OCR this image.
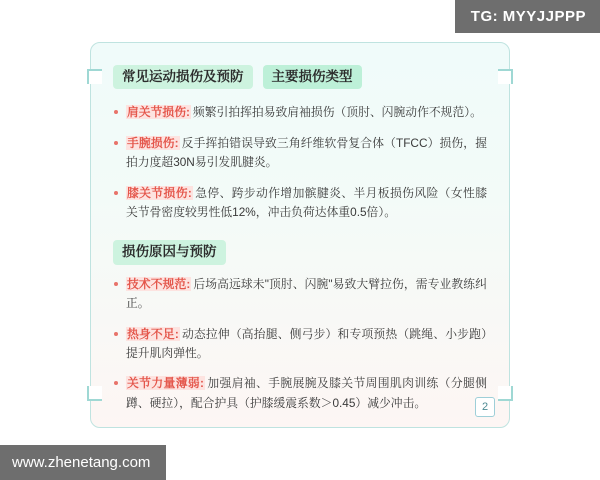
TG: MYYJJPPP
常见运动损伤及预防	主要损伤类型
肩关节损伤: 频繁引拍挥拍易致肩袖损伤（顶肘、闪腕动作不规范）。
手腕损伤: 反手挥拍错误导致三角纤维软骨复合体（TFCC）损伤，握拍力度超30N易引发肌腱炎。
膝关节损伤: 急停、跨步动作增加髌腱炎、半月板损伤风险（女性膝关节骨密度较男性低12%，冲击负荷达体重0.5倍）。
损伤原因与预防
技术不规范: 后场高远球未"顶肘、闪腕"易致大臂拉伤，需专业教练纠正。
热身不足: 动态拉伸（高抬腿、侧弓步）和专项预热（跳绳、小步跑）提升肌肉弹性。
关节力量薄弱: 加强肩袖、手腕展腕及膝关节周围肌肉训练（分腿侧蹲、硬拉），配合护具（护膝缓震系数＞0.45）减少冲击。	2
www.zhenetang.com
